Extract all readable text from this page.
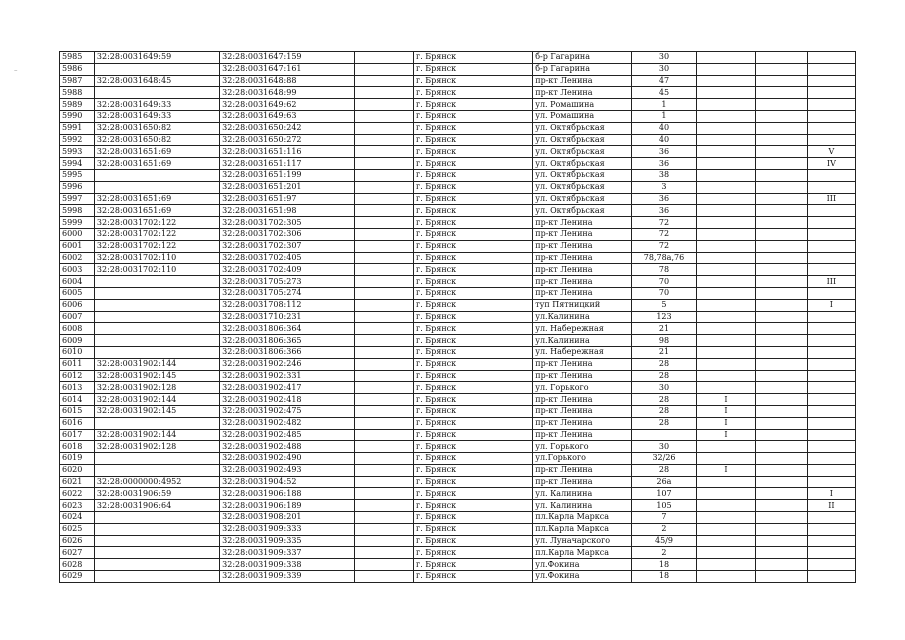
–
5985	32:28:0031649:59	32:28:0031647:159		г. Брянск	б-р Гагарина	30			
5986		32:28:0031647:161		г. Брянск	б-р Гагарина	30			
5987	32:28:0031648:45	32:28:0031648:88		г. Брянск	пр-кт Ленина	47			
5988		32:28:0031648:99		г. Брянск	пр-кт Ленина	45			
5989	32:28:0031649:33	32:28:0031649:62		г. Брянск	ул. Ромашина	1			
5990	32:28:0031649:33	32:28:0031649:63		г. Брянск	ул. Ромашина	1			
5991	32:28:0031650:82	32:28:0031650:242		г. Брянск	ул. Октябрьская	40			
5992	32:28:0031650:82	32:28:0031650:272		г. Брянск	ул. Октябрьская	40			
5993	32:28:0031651:69	32:28:0031651:116		г. Брянск	ул. Октябрьская	36			V
5994	32:28:0031651:69	32:28:0031651:117		г. Брянск	ул. Октябрьская	36			IV
5995		32:28:0031651:199		г. Брянск	ул. Октябрьская	38			
5996		32:28:0031651:201		г. Брянск	ул. Октябрьская	3			
5997	32:28:0031651:69	32:28:0031651:97		г. Брянск	ул. Октябрьская	36			III
5998	32:28:0031651:69	32:28:0031651:98		г. Брянск	ул. Октябрьская	36			
5999	32:28:0031702:122	32:28:0031702:305		г. Брянск	пр-кт Ленина	72			
6000	32:28:0031702:122	32:28:0031702:306		г. Брянск	пр-кт Ленина	72			
6001	32:28:0031702:122	32:28:0031702:307		г. Брянск	пр-кт Ленина	72			
6002	32:28:0031702:110	32:28:0031702:405		г. Брянск	пр-кт Ленина	78,78а,76			
6003	32:28:0031702:110	32:28:0031702:409		г. Брянск	пр-кт Ленина	78			
6004		32:28:0031705:273		г. Брянск	пр-кт Ленина	70			III
6005		32:28:0031705:274		г. Брянск	пр-кт Ленина	70			
6006		32:28:0031708:112		г. Брянск	туп Пятницкий	5			I
6007		32:28:0031710:231		г. Брянск	ул.Калинина	123			
6008		32:28:0031806:364		г. Брянск	ул. Набережная	21			
6009		32:28:0031806:365		г. Брянск	ул.Калинина	98			
6010		32:28:0031806:366		г. Брянск	ул. Набережная	21			
6011	32:28:0031902:144	32:28:0031902:246		г. Брянск	пр-кт Ленина	28			
6012	32:28:0031902:145	32:28:0031902:331		г. Брянск	пр-кт Ленина	28			
6013	32:28:0031902:128	32:28:0031902:417		г. Брянск	ул. Горького	30			
6014	32:28:0031902:144	32:28:0031902:418		г. Брянск	пр-кт Ленина	28	I		
6015	32:28:0031902:145	32:28:0031902:475		г. Брянск	пр-кт Ленина	28	I		
6016		32:28:0031902:482		г. Брянск	пр-кт Ленина	28	I		
6017	32:28:0031902:144	32:28:0031902:485		г. Брянск	пр-кт Ленина		I		
6018	32:28:0031902:128	32:28:0031902:488		г. Брянск	ул. Горького	30			
6019		32:28:0031902:490		г. Брянск	ул.Горького	32/26			
6020		32:28:0031902:493		г. Брянск	пр-кт Ленина	28	I		
6021	32:28:0000000:4952	32:28:0031904:52		г. Брянск	пр-кт Ленина	26а			
6022	32:28:0031906:59	32:28:0031906:188		г. Брянск	ул. Калинина	107			I
6023	32:28:0031906:64	32:28:0031906:189		г. Брянск	ул. Калинина	105			II
6024		32:28:0031908:201		г. Брянск	пл.Карла Маркса	7			
6025		32:28:0031909:333		г. Брянск	пл.Карла Маркса	2			
6026		32:28:0031909:335		г. Брянск	ул. Луначарского	45/9			
6027		32:28:0031909:337		г. Брянск	пл.Карла Маркса	2			
6028		32:28:0031909:338		г. Брянск	ул.Фокина	18			
6029		32:28:0031909:339		г. Брянск	ул.Фокина	18			
